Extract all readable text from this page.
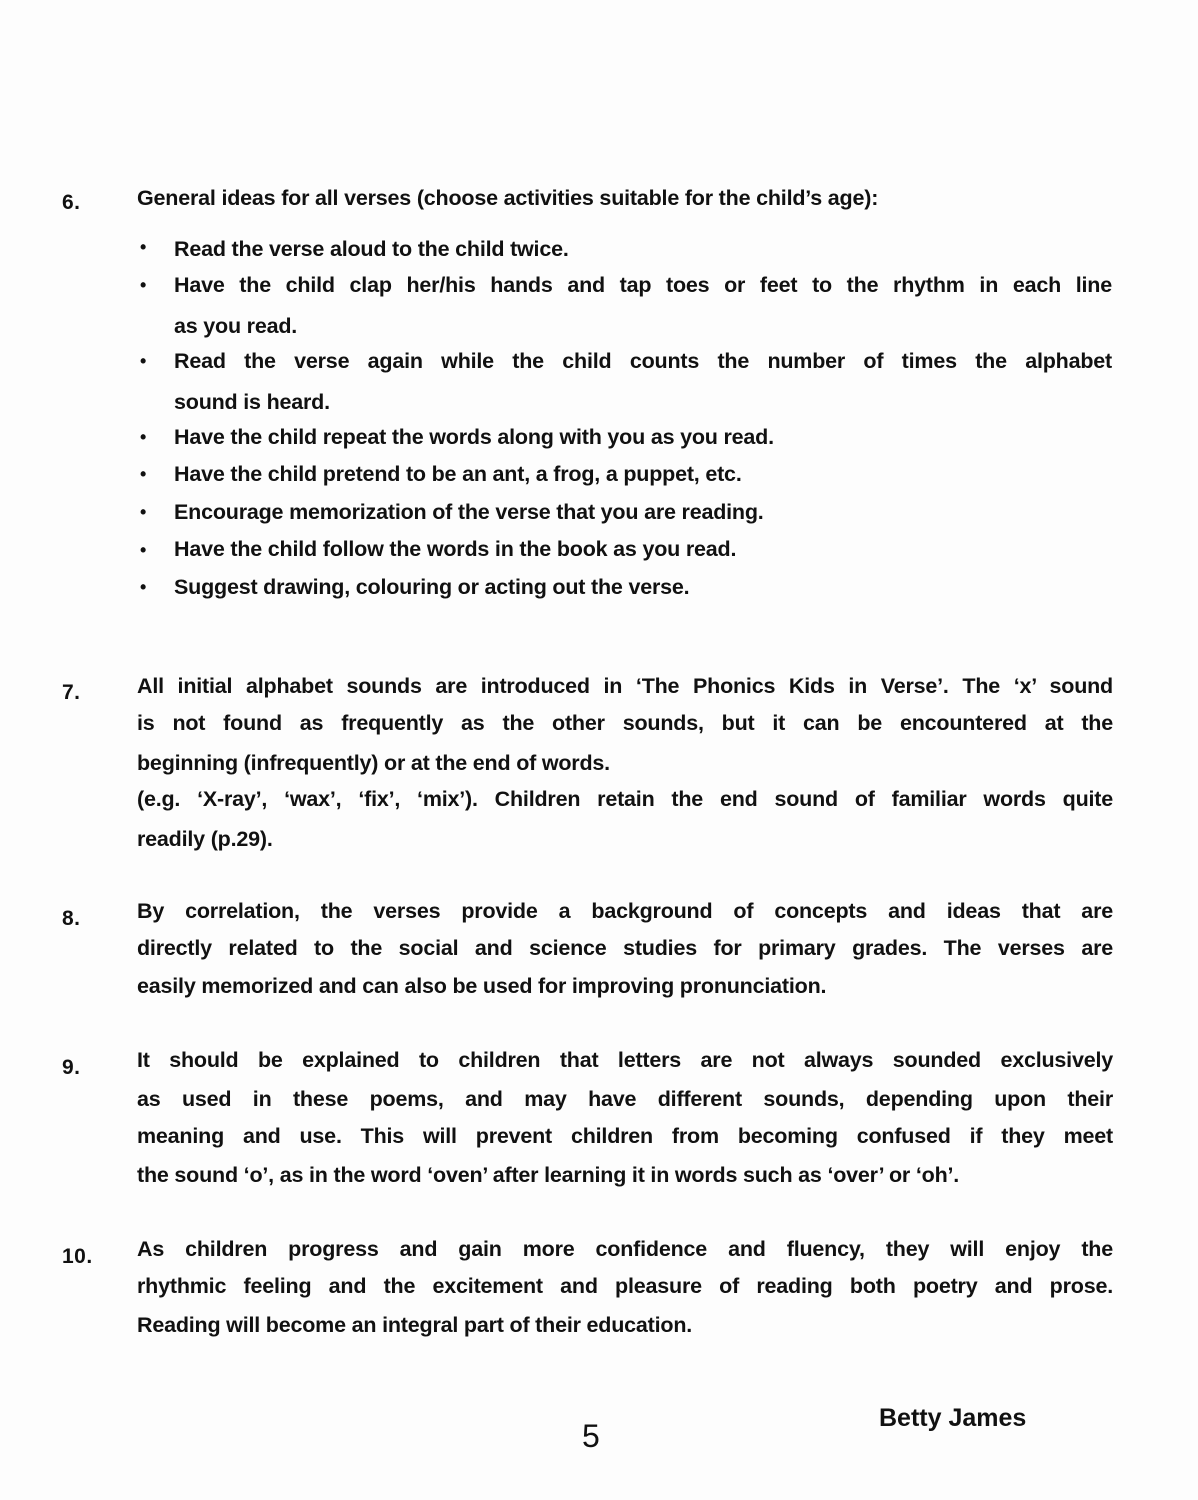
6.	General ideas for all verses (choose activities suitable for the child’s age):
• Read the verse aloud to the child twice.
• Have the child clap her/his hands and tap toes or feet to the rhythm in each line
as you read.
• Read the verse again while the child counts the number of times the alphabet
sound is heard.
• Have the child repeat the words along with you as you read.
• Have the child pretend to be an ant, a frog, a puppet, etc.
• Encourage memorization of the verse that you are reading.
• Have the child follow the words in the book as you read.
• Suggest drawing, colouring or acting out the verse.
7.	All initial alphabet sounds are introduced in ‘The Phonics Kids in Verse’. The ‘x’ sound
is not found as frequently as the other sounds, but it can be encountered at the
beginning (infrequently) or at the end of words.
(e.g. ‘X-ray’, ‘wax’, ‘fix’, ‘mix’). Children retain the end sound of familiar words quite
readily (p.29).
8.	By correlation, the verses provide a background of concepts and ideas that are
directly related to the social and science studies for primary grades. The verses are
easily memorized and can also be used for improving pronunciation.
9.	It should be explained to children that letters are not always sounded exclusively
as used in these poems, and may have different sounds, depending upon their
meaning and use. This will prevent children from becoming confused if they meet
the sound ‘o’, as in the word ‘oven’ after learning it in words such as ‘over’ or ‘oh’.
10. As children progress and gain more confidence and fluency, they will enjoy the
rhythmic feeling and the excitement and pleasure of reading both poetry and prose.
Reading will become an integral part of their education.
5	Betty James
